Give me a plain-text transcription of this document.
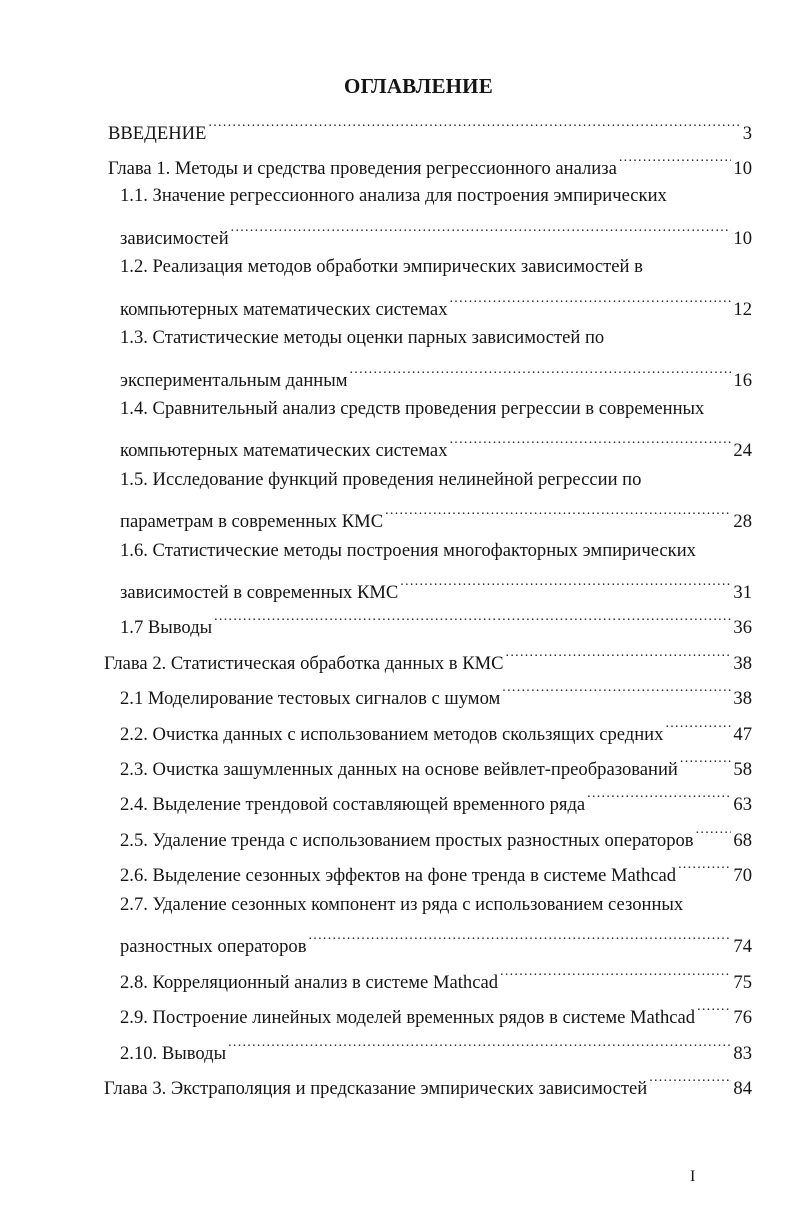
ОГЛАВЛЕНИЕ
ВВЕДЕНИЕ .....	3
Глава 1. Методы и средства проведения регрессионного анализа .....	10
1.1. Значение регрессионного анализа для построения эмпирических
зависимостей .....	10
1.2. Реализация методов обработки эмпирических зависимостей в
компьютерных математических системах .....	12
1.3. Статистические методы оценки парных зависимостей по
экспериментальным данным .....	16
1.4. Сравнительный анализ средств проведения регрессии в современных
компьютерных математических системах .....	24
1.5. Исследование функций проведения нелинейной регрессии по
параметрам в современных КМС .....	28
1.6. Статистические методы построения многофакторных эмпирических
зависимостей в современных КМС .....	31
1.7 Выводы .....	36
Глава 2. Статистическая обработка данных в КМС .....	38
2.1 Моделирование тестовых сигналов с шумом .....	38
2.2. Очистка данных с использованием методов скользящих средних .....	47
2.3. Очистка зашумленных данных на основе вейвлет-преобразований .....	58
2.4. Выделение трендовой составляющей временного ряда .....	63
2.5. Удаление тренда с использованием простых разностных операторов ..... 68
2.6. Выделение сезонных эффектов на фоне тренда в системе Mathcad .....	70
2.7. Удаление сезонных компонент из ряда с использованием сезонных
разностных операторов .....	74
2.8. Корреляционный анализ в системе Mathcad .....	75
2.9. Построение линейных моделей временных рядов в системе Mathcad ..... 76
2.10. Выводы .....	83
Глава 3. Экстраполяция и предсказание эмпирических зависимостей .....	84
I
